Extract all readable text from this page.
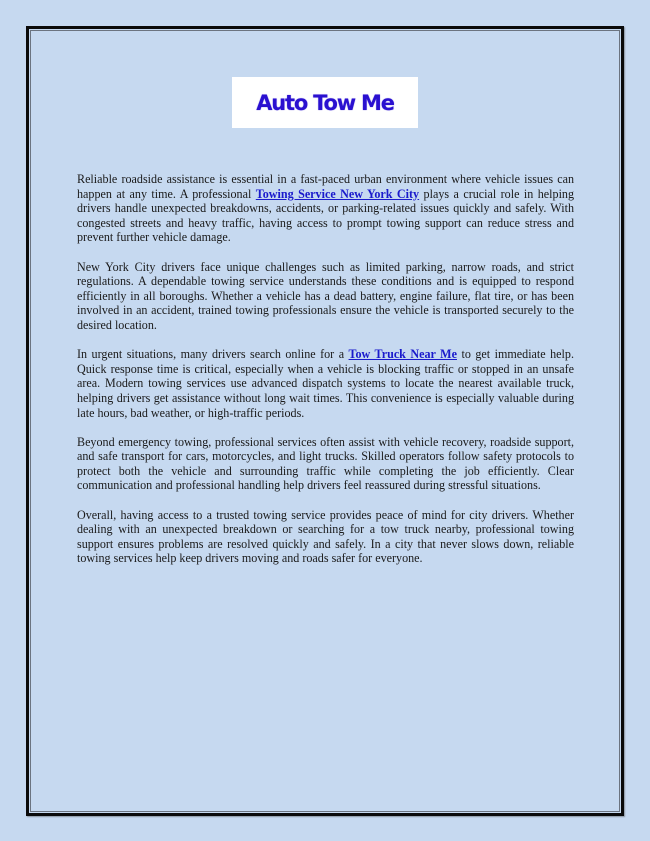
Auto Tow Me

Reliable roadside assistance is essential in a fast-paced urban environment where vehicle issues can happen at any time. A professional Towing Service New York City plays a crucial role in helping drivers handle unexpected breakdowns, accidents, or parking-related issues quickly and safely. With congested streets and heavy traffic, having access to prompt towing support can reduce stress and prevent further vehicle damage.

New York City drivers face unique challenges such as limited parking, narrow roads, and strict regulations. A dependable towing service understands these conditions and is equipped to respond efficiently in all boroughs. Whether a vehicle has a dead battery, engine failure, flat tire, or has been involved in an accident, trained towing professionals ensure the vehicle is transported securely to the desired location.

In urgent situations, many drivers search online for a Tow Truck Near Me to get immediate help. Quick response time is critical, especially when a vehicle is blocking traffic or stopped in an unsafe area. Modern towing services use advanced dispatch systems to locate the nearest available truck, helping drivers get assistance without long wait times. This convenience is especially valuable during late hours, bad weather, or high-traffic periods.

Beyond emergency towing, professional services often assist with vehicle recovery, roadside support, and safe transport for cars, motorcycles, and light trucks. Skilled operators follow safety protocols to protect both the vehicle and surrounding traffic while completing the job efficiently. Clear communication and professional handling help drivers feel reassured during stressful situations.

Overall, having access to a trusted towing service provides peace of mind for city drivers. Whether dealing with an unexpected breakdown or searching for a tow truck nearby, professional towing support ensures problems are resolved quickly and safely. In a city that never slows down, reliable towing services help keep drivers moving and roads safer for everyone.
